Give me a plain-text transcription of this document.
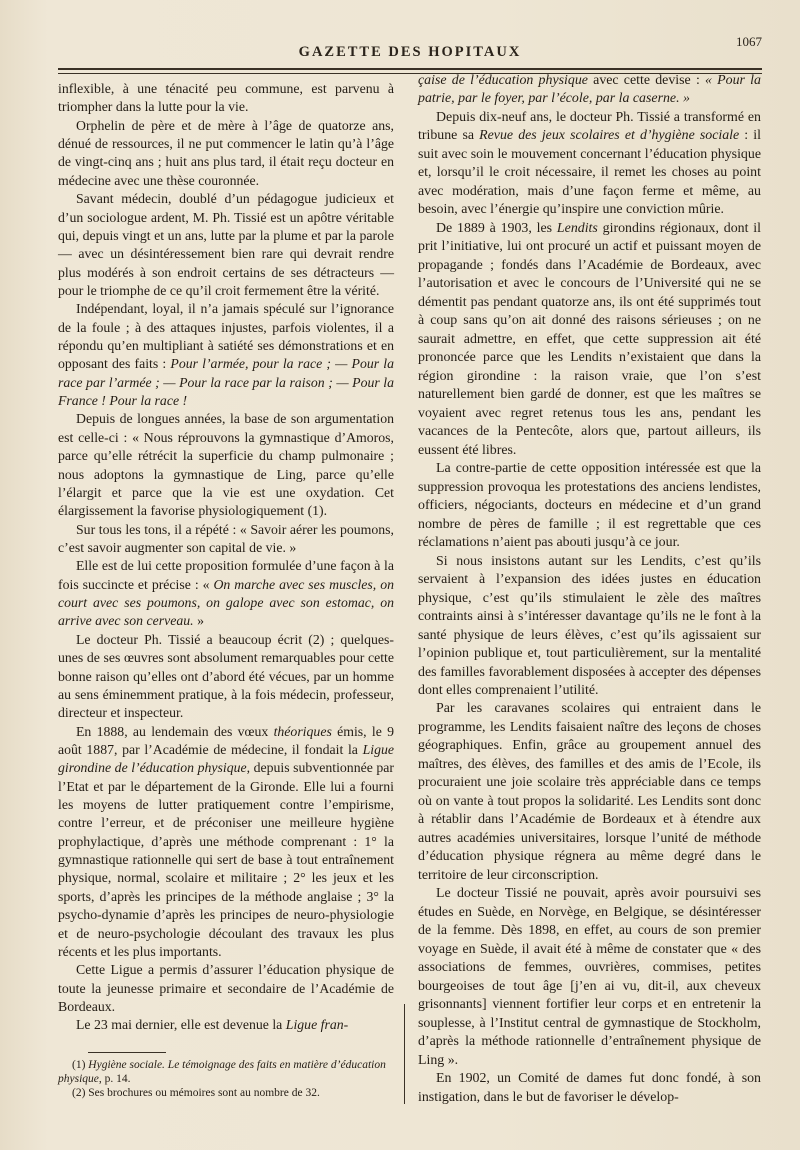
GAZETTE DES HOPITAUX
1067

inflexible, à une ténacité peu commune, est parvenu à triompher dans la lutte pour la vie.

Orphelin de père et de mère à l’âge de quatorze ans, dénué de ressources, il ne put commencer le latin qu’à l’âge de vingt-cinq ans ; huit ans plus tard, il était reçu docteur en médecine avec une thèse couronnée.

Savant médecin, doublé d’un pédagogue judicieux et d’un sociologue ardent, M. Ph. Tissié est un apôtre véritable qui, depuis vingt et un ans, lutte par la plume et par la parole — avec un désintéressement bien rare qui devrait rendre plus modérés à son endroit certains de ses détracteurs — pour le triomphe de ce qu’il croit fermement être la vérité.

Indépendant, loyal, il n’a jamais spéculé sur l’ignorance de la foule ; à des attaques injustes, parfois violentes, il a répondu qu’en multipliant à satiété ses démonstrations et en opposant des faits : Pour l’armée, pour la race ; — Pour la race par l’armée ; — Pour la race par la raison ; — Pour la France ! Pour la race !

Depuis de longues années, la base de son argumentation est celle-ci : « Nous réprouvons la gymnastique d’Amoros, parce qu’elle rétrécit la superficie du champ pulmonaire ; nous adoptons la gymnastique de Ling, parce qu’elle l’élargit et parce que la vie est une oxydation. Cet élargissement la favorise physiologiquement (1).

Sur tous les tons, il a répété : « Savoir aérer les poumons, c’est savoir augmenter son capital de vie. »

Elle est de lui cette proposition formulée d’une façon à la fois succincte et précise : « On marche avec ses muscles, on court avec ses poumons, on galope avec son estomac, on arrive avec son cerveau. »

Le docteur Ph. Tissié a beaucoup écrit (2) ; quelques-unes de ses œuvres sont absolument remarquables pour cette bonne raison qu’elles ont d’abord été vécues, par un homme au sens éminemment pratique, à la fois médecin, professeur, directeur et inspecteur.

En 1888, au lendemain des vœux théoriques émis, le 9 août 1887, par l’Académie de médecine, il fondait la Ligue girondine de l’éducation physique, depuis subventionnée par l’Etat et par le département de la Gironde. Elle lui a fourni les moyens de lutter pratiquement contre l’empirisme, contre l’erreur, et de préconiser une meilleure hygiène prophylactique, d’après une méthode comprenant : 1° la gymnastique rationnelle qui sert de base à tout entraînement physique, normal, scolaire et militaire ; 2° les jeux et les sports, d’après les principes de la méthode anglaise ; 3° la psycho-dynamie d’après les principes de neuro-physiologie et de neuro-psychologie découlant des travaux les plus récents et les plus importants.

Cette Ligue a permis d’assurer l’éducation physique de toute la jeunesse primaire et secondaire de l’Académie de Bordeaux.

Le 23 mai dernier, elle est devenue la Ligue fran-

(1) Hygiène sociale. Le témoignage des faits en matière d’éducation physique, p. 14.
(2) Ses brochures ou mémoires sont au nombre de 32.

çaise de l’éducation physique avec cette devise : « Pour la patrie, par le foyer, par l’école, par la caserne. »

Depuis dix-neuf ans, le docteur Ph. Tissié a transformé en tribune sa Revue des jeux scolaires et d’hygiène sociale : il suit avec soin le mouvement concernant l’éducation physique et, lorsqu’il le croit nécessaire, il remet les choses au point avec modération, mais d’une façon ferme et même, au besoin, avec l’énergie qu’inspire une conviction mûrie.

De 1889 à 1903, les Lendits girondins régionaux, dont il prit l’initiative, lui ont procuré un actif et puissant moyen de propagande ; fondés dans l’Académie de Bordeaux, avec l’autorisation et avec le concours de l’Université qui ne se démentit pas pendant quatorze ans, ils ont été supprimés tout à coup sans qu’on ait donné des raisons sérieuses ; on ne saurait admettre, en effet, que cette suppression ait été prononcée parce que les Lendits n’existaient que dans la région girondine : la raison vraie, que l’on s’est naturellement bien gardé de donner, est que les maîtres se voyaient avec regret retenus tous les ans, pendant les vacances de la Pentecôte, alors que, partout ailleurs, ils eussent été libres.

La contre-partie de cette opposition intéressée est que la suppression provoqua les protestations des anciens lendistes, officiers, négociants, docteurs en médecine et d’un grand nombre de pères de famille ; il est regrettable que ces réclamations n’aient pas abouti jusqu’à ce jour.

Si nous insistons autant sur les Lendits, c’est qu’ils servaient à l’expansion des idées justes en éducation physique, c’est qu’ils stimulaient le zèle des maîtres contraints ainsi à s’intéresser davantage qu’ils ne le font à la santé physique de leurs élèves, c’est qu’ils agissaient sur l’opinion publique et, tout particulièrement, sur la mentalité des familles favorablement disposées à accepter des dépenses dont elles comprenaient l’utilité.

Par les caravanes scolaires qui entraient dans le programme, les Lendits faisaient naître des leçons de choses géographiques. Enfin, grâce au groupement annuel des maîtres, des élèves, des familles et des amis de l’Ecole, ils procuraient une joie scolaire très appréciable dans ce temps où on vante à tout propos la solidarité. Les Lendits sont donc à rétablir dans l’Académie de Bordeaux et à étendre aux autres académies universitaires, lorsque l’unité de méthode d’éducation physique régnera au même degré dans le territoire de leur circonscription.

Le docteur Tissié ne pouvait, après avoir poursuivi ses études en Suède, en Norvège, en Belgique, se désintéresser de la femme. Dès 1898, en effet, au cours de son premier voyage en Suède, il avait été à même de constater que « des associations de femmes, ouvrières, commises, petites bourgeoises de tout âge [j’en ai vu, dit-il, aux cheveux grisonnants] viennent fortifier leur corps et en entretenir la souplesse, à l’Institut central de gymnastique de Stockholm, d’après la méthode rationnelle d’entraînement physique de Ling ».

En 1902, un Comité de dames fut donc fondé, à son instigation, dans le but de favoriser le dévelop-
